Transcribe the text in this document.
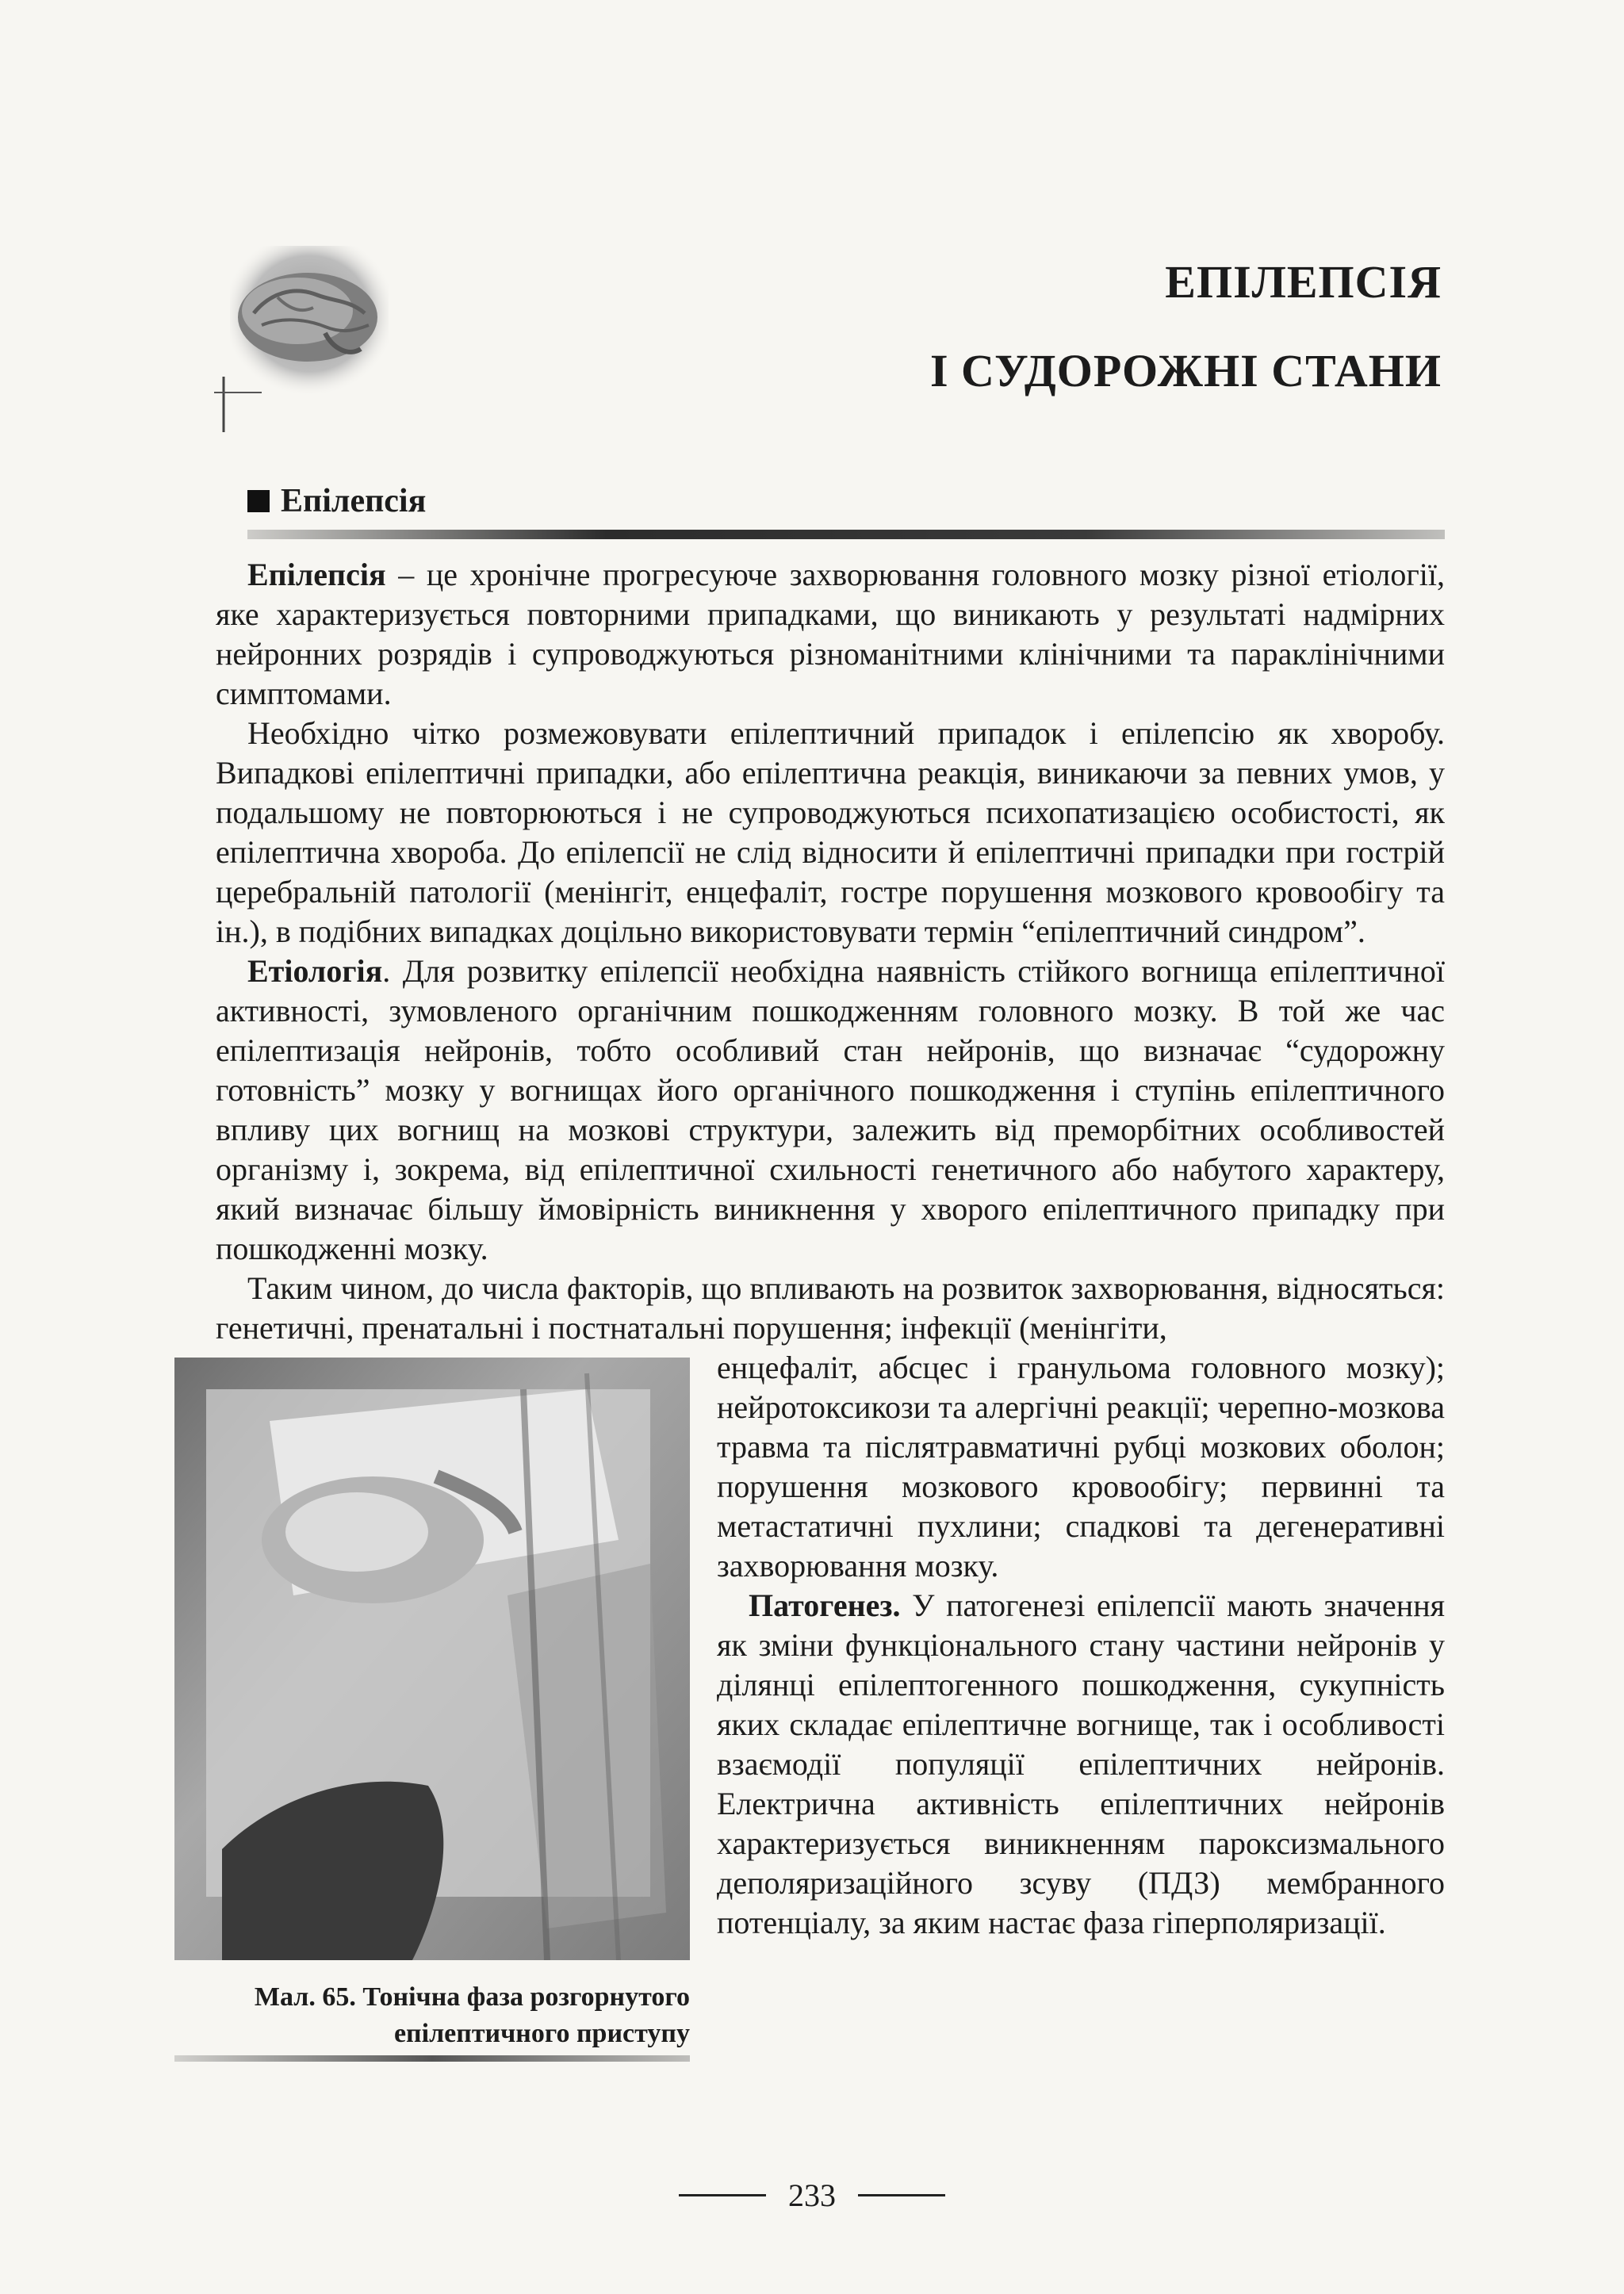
ЕПІЛЕПСІЯ
І СУДОРОЖНІ СТАНИ
Епілепсія

Епілепсія – це хронічне прогресуюче захворювання головного мозку різної етіології, яке характеризується повторними припадками, що виникають у результаті надмірних нейронних розрядів і супроводжуються різноманітними клінічними та параклінічними симптомами.

Необхідно чітко розмежовувати епілептичний припадок і епілепсію як хворобу. Випадкові епілептичні припадки, або епілептична реакція, виникаючи за певних умов, у подальшому не повторюються і не супроводжуються психопатизацією особистості, як епілептична хвороба. До епілепсії не слід відносити й епілептичні припадки при гострій церебральній патології (менінгіт, енцефаліт, гостре порушення мозкового кровообігу та ін.), в подібних випадках доцільно використовувати термін “епілептичний синдром”.

Етіологія. Для розвитку епілепсії необхідна наявність стійкого вогнища епілептичної активності, зумовленого органічним пошкодженням головного мозку. В той же час епілептизація нейронів, тобто особливий стан нейронів, що визначає “судорожну готовність” мозку у вогнищах його органічного пошкодження і ступінь епілептичного впливу цих вогнищ на мозкові структури, залежить від преморбітних особливостей організму і, зокрема, від епілептичної схильності генетичного або набутого характеру, який визначає більшу ймовірність виникнення у хворого епілептичного припадку при пошкодженні мозку.

Таким чином, до числа факторів, що впливають на розвиток захворювання, відносяться: генетичні, пренатальні і постнатальні порушення; інфекції (менінгіти,

Мал. 65. Тонічна фаза розгорнутого
епілептичного приступу

енцефаліт, абсцес і гранульома головного мозку); нейротоксикози та алергічні реакції; черепно-мозкова травма та післятравматичні рубці мозкових оболон; порушення мозкового кровообігу; первинні та метастатичні пухлини; спадкові та дегенеративні захворювання мозку.

Патогенез. У патогенезі епілепсії мають значення як зміни функціонального стану частини нейронів у ділянці епілептогенного пошкодження, сукупність яких складає епілептичне вогнище, так і особливості взаємодії популяції епілептичних нейронів. Електрична активність епілептичних нейронів характеризується виникненням пароксизмального деполяризаційного зсуву (ПДЗ) мембранного потенціалу, за яким настає фаза гіперполяризації.

233
